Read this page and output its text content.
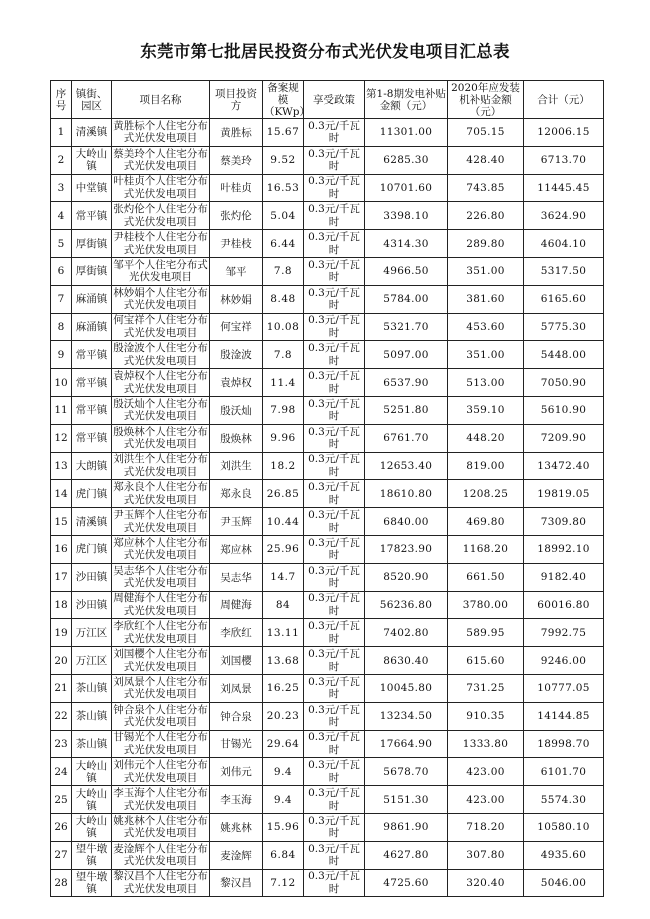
东莞市第七批居民投资分布式光伏发电项目汇总表
序号	镇街、园区	项目名称	项目投资方	备案规模（KWp）	享受政策	第1-8期发电补贴金额（元）	2020年应发装机补贴金额（元）	合计（元）
1	清溪镇	黄胜标个人住宅分布式光伏发电项目	黄胜标	15.67	0.3元/千瓦时	11301.00	705.15	12006.15
2	大岭山镇	蔡美玲个人住宅分布式光伏发电项目	蔡美玲	9.52	0.3元/千瓦时	6285.30	428.40	6713.70
3	中堂镇	叶桂贞个人住宅分布式光伏发电项目	叶桂贞	16.53	0.3元/千瓦时	10701.60	743.85	11445.45
4	常平镇	张灼伦个人住宅分布式光伏发电项目	张灼伦	5.04	0.3元/千瓦时	3398.10	226.80	3624.90
5	厚街镇	尹桂枝个人住宅分布式光伏发电项目	尹桂枝	6.44	0.3元/千瓦时	4314.30	289.80	4604.10
6	厚街镇	邹平个人住宅分布式光伏发电项目	邹平	7.8	0.3元/千瓦时	4966.50	351.00	5317.50
7	麻涌镇	林妙娟个人住宅分布式光伏发电项目	林妙娟	8.48	0.3元/千瓦时	5784.00	381.60	6165.60
8	麻涌镇	何宝祥个人住宅分布式光伏发电项目	何宝祥	10.08	0.3元/千瓦时	5321.70	453.60	5775.30
9	常平镇	殷淦波个人住宅分布式光伏发电项目	殷淦波	7.8	0.3元/千瓦时	5097.00	351.00	5448.00
10	常平镇	袁焯权个人住宅分布式光伏发电项目	袁焯权	11.4	0.3元/千瓦时	6537.90	513.00	7050.90
11	常平镇	殷沃灿个人住宅分布式光伏发电项目	殷沃灿	7.98	0.3元/千瓦时	5251.80	359.10	5610.90
12	常平镇	殷焕林个人住宅分布式光伏发电项目	殷焕林	9.96	0.3元/千瓦时	6761.70	448.20	7209.90
13	大朗镇	刘洪生个人住宅分布式光伏发电项目	刘洪生	18.2	0.3元/千瓦时	12653.40	819.00	13472.40
14	虎门镇	郑永良个人住宅分布式光伏发电项目	郑永良	26.85	0.3元/千瓦时	18610.80	1208.25	19819.05
15	清溪镇	尹玉辉个人住宅分布式光伏发电项目	尹玉辉	10.44	0.3元/千瓦时	6840.00	469.80	7309.80
16	虎门镇	郑应林个人住宅分布式光伏发电项目	郑应林	25.96	0.3元/千瓦时	17823.90	1168.20	18992.10
17	沙田镇	吴志华个人住宅分布式光伏发电项目	吴志华	14.7	0.3元/千瓦时	8520.90	661.50	9182.40
18	沙田镇	周健海个人住宅分布式光伏发电项目	周健海	84	0.3元/千瓦时	56236.80	3780.00	60016.80
19	万江区	李欣红个人住宅分布式光伏发电项目	李欣红	13.11	0.3元/千瓦时	7402.80	589.95	7992.75
20	万江区	刘国樱个人住宅分布式光伏发电项目	刘国樱	13.68	0.3元/千瓦时	8630.40	615.60	9246.00
21	茶山镇	刘凤景个人住宅分布式光伏发电项目	刘凤景	16.25	0.3元/千瓦时	10045.80	731.25	10777.05
22	茶山镇	钟合泉个人住宅分布式光伏发电项目	钟合泉	20.23	0.3元/千瓦时	13234.50	910.35	14144.85
23	茶山镇	甘锡光个人住宅分布式光伏发电项目	甘锡光	29.64	0.3元/千瓦时	17664.90	1333.80	18998.70
24	大岭山镇	刘伟元个人住宅分布式光伏发电项目	刘伟元	9.4	0.3元/千瓦时	5678.70	423.00	6101.70
25	大岭山镇	李玉海个人住宅分布式光伏发电项目	李玉海	9.4	0.3元/千瓦时	5151.30	423.00	5574.30
26	大岭山镇	姚兆林个人住宅分布式光伏发电项目	姚兆林	15.96	0.3元/千瓦时	9861.90	718.20	10580.10
27	望牛墩镇	麦淦辉个人住宅分布式光伏发电项目	麦淦辉	6.84	0.3元/千瓦时	4627.80	307.80	4935.60
28	望牛墩镇	黎汉昌个人住宅分布式光伏发电项目	黎汉昌	7.12	0.3元/千瓦时	4725.60	320.40	5046.00
